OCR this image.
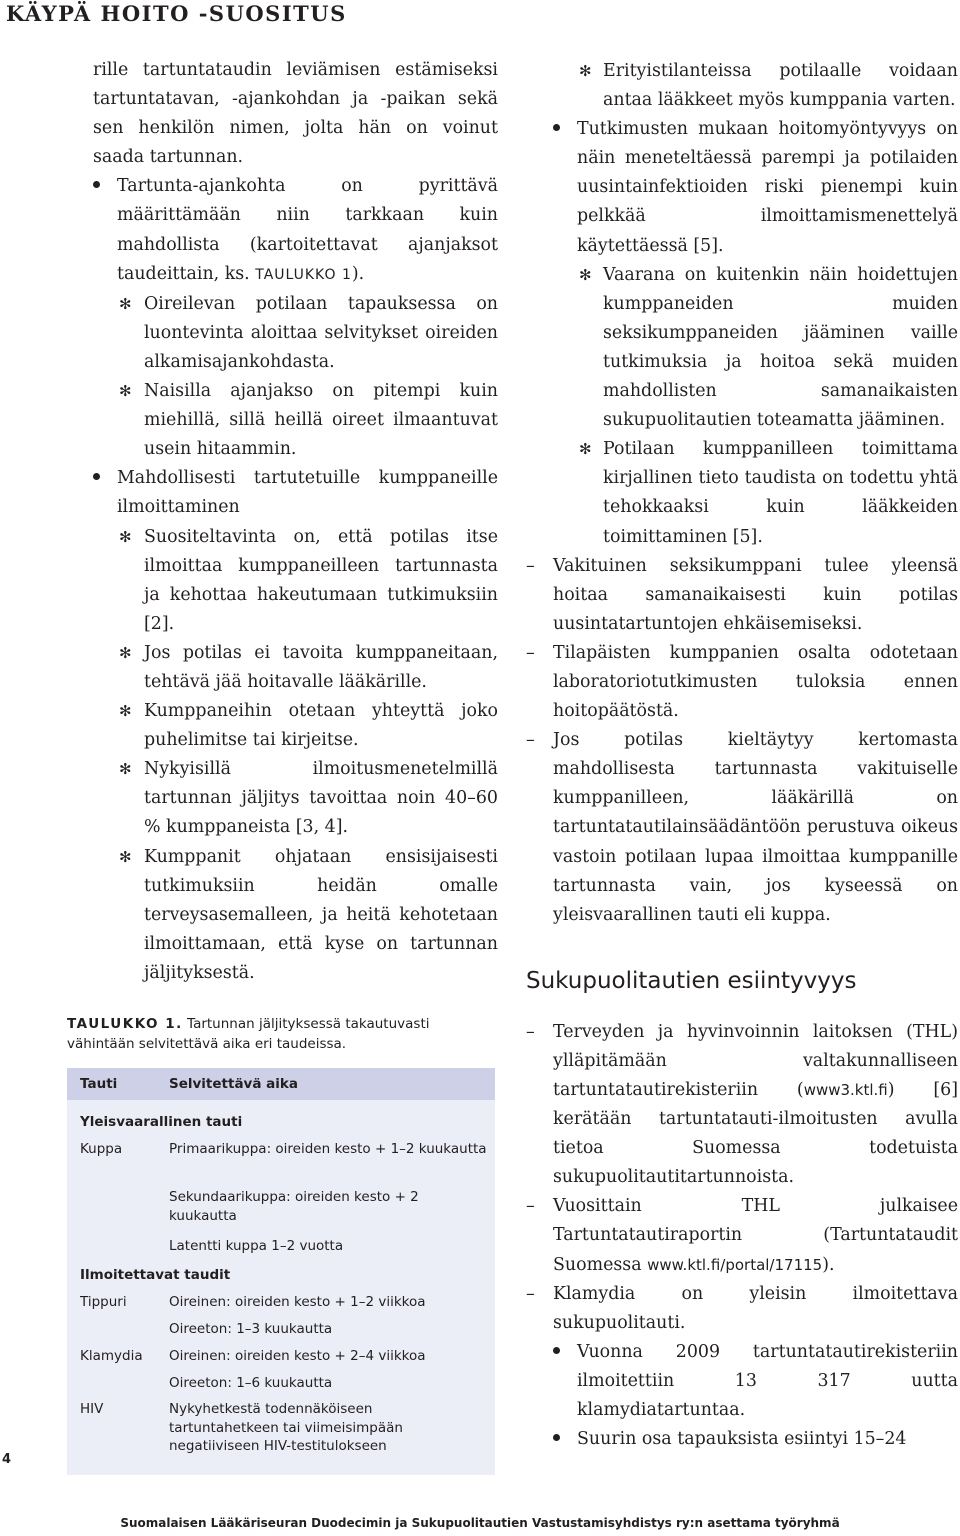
KÄYPÄ HOITO -SUOSITUS
rille tartuntataudin leviämisen estämiseksi tartuntatavan, -ajankohdan ja -paikan sekä sen henkilön nimen, jolta hän on voinut saada tartunnan.
Tartunta-ajankohta on pyrittävä määrittämään niin tarkkaan kuin mahdollista (kartoitettavat ajanjaksot taudeittain, ks. TAULUKKO 1).
✻ Oireilevan potilaan tapauksessa on luontevinta aloittaa selvitykset oireiden alkamisajankohdasta.
✻ Naisilla ajanjakso on pitempi kuin miehillä, sillä heillä oireet ilmaantuvat usein hitaammin.
Mahdollisesti tartutetuille kumppaneille ilmoittaminen
✻ Suositeltavinta on, että potilas itse ilmoittaa kumppaneilleen tartunnasta ja kehottaa hakeutumaan tutkimuksiin [2].
✻ Jos potilas ei tavoita kumppaneitaan, tehtävä jää hoitavalle lääkärille.
✻ Kumppaneihin otetaan yhteyttä joko puhelimitse tai kirjeitse.
✻ Nykyisillä ilmoitusmenetelmillä tartunnan jäljitys tavoittaa noin 40–60 % kumppaneista [3, 4].
✻ Kumppanit ohjataan ensisijaisesti tutkimuksiin heidän omalle terveysasemalleen, ja heitä kehotetaan ilmoittamaan, että kyse on tartunnan jäljityksestä.
TAULUKKO 1. Tartunnan jäljityksessä takautuvasti vähintään selvitettävä aika eri taudeissa.
Tauti	Selvitettävä aika
Yleisvaarallinen tauti
Kuppa	Primaarikuppa: oireiden kesto + 1–2 kuukautta
Sekundaarikuppa: oireiden kesto + 2 kuukautta
Latentti kuppa 1–2 vuotta
Ilmoitettavat taudit
Tippuri	Oireinen: oireiden kesto + 1–2 viikkoa
Oireeton: 1–3 kuukautta
Klamydia Oireinen: oireiden kesto + 2–4 viikkoa
Oireeton: 1–6 kuukautta
HIV	Nykyhetkestä todennäköiseen tartuntahetkeen tai viimeisimpään negatiiviseen HIV-testitulokseen
✻ Erityistilanteissa potilaalle voidaan antaa lääkkeet myös kumppania varten.
Tutkimusten mukaan hoitomyöntyvyys on näin meneteltäessä parempi ja potilaiden uusintainfektioiden riski pienempi kuin pelkkää ilmoittamismenettelyä käytettäessä [5].
✻ Vaarana on kuitenkin näin hoidettujen kumppaneiden muiden seksikumppaneiden jääminen vaille tutkimuksia ja hoitoa sekä muiden mahdollisten samanaikaisten sukupuolitautien toteamatta jääminen.
✻ Potilaan kumppanilleen toimittama kirjallinen tieto taudista on todettu yhtä tehokkaaksi kuin lääkkeiden toimittaminen [5].
– Vakituinen seksikumppani tulee yleensä hoitaa samanaikaisesti kuin potilas uusintatartuntojen ehkäisemiseksi.
– Tilapäisten kumppanien osalta odotetaan laboratoriotutkimusten tuloksia ennen hoitopäätöstä.
– Jos potilas kieltäytyy kertomasta mahdollisesta tartunnasta vakituiselle kumppanilleen, lääkärillä on tartuntatautilainsäädäntöön perustuva oikeus vastoin potilaan lupaa ilmoittaa kumppanille tartunnasta vain, jos kyseessä on yleisvaarallinen tauti eli kuppa.
Sukupuolitautien esiintyvyys
– Terveyden ja hyvinvoinnin laitoksen (THL) ylläpitämään valtakunnalliseen tartuntatautirekisteriin (www3.ktl.fi) [6] kerätään tartuntatauti-ilmoitusten avulla tietoa Suomessa todetuista sukupuolitautitartunnoista.
– Vuosittain THL julkaisee Tartuntatautiraportin (Tartuntataudit Suomessa www.ktl.fi/portal/17115).
– Klamydia on yleisin ilmoitettava sukupuolitauti.
Vuonna 2009 tartuntatautirekisteriin ilmoitettiin 13 317 uutta klamydiatartuntaa.
Suurin osa tapauksista esiintyi 15–24
4
Suomalaisen Lääkäriseuran Duodecimin ja Sukupuolitautien Vastustamisyhdistys ry:n asettama työryhmä
